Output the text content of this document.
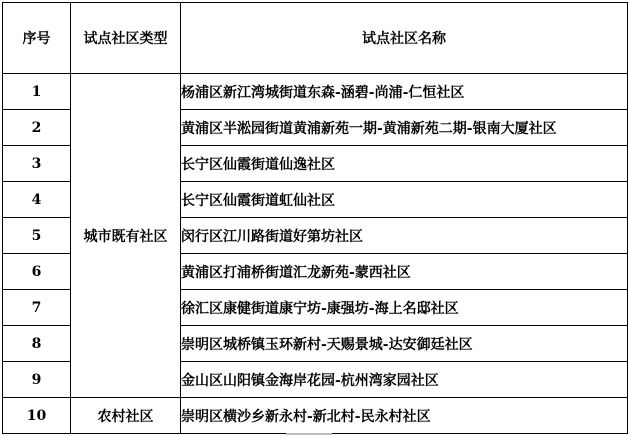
序号	试点社区类型	试点社区名称
1	城市既有社区	杨浦区新江湾城街道东森-涵碧-尚浦-仁恒社区
2		黄浦区半淞园街道黄浦新苑一期-黄浦新苑二期-银南大厦社区
3		长宁区仙霞街道仙逸社区
4		长宁区仙霞街道虹仙社区
5		闵行区江川路街道好第坊社区
6		黄浦区打浦桥街道汇龙新苑-蒙西社区
7		徐汇区康健街道康宁坊-康强坊-海上名邸社区
8		崇明区城桥镇玉环新村-天赐景城-达安御廷社区
9		金山区山阳镇金海岸花园-杭州湾家园社区
10	农村社区	崇明区横沙乡新永村-新北村-民永村社区
